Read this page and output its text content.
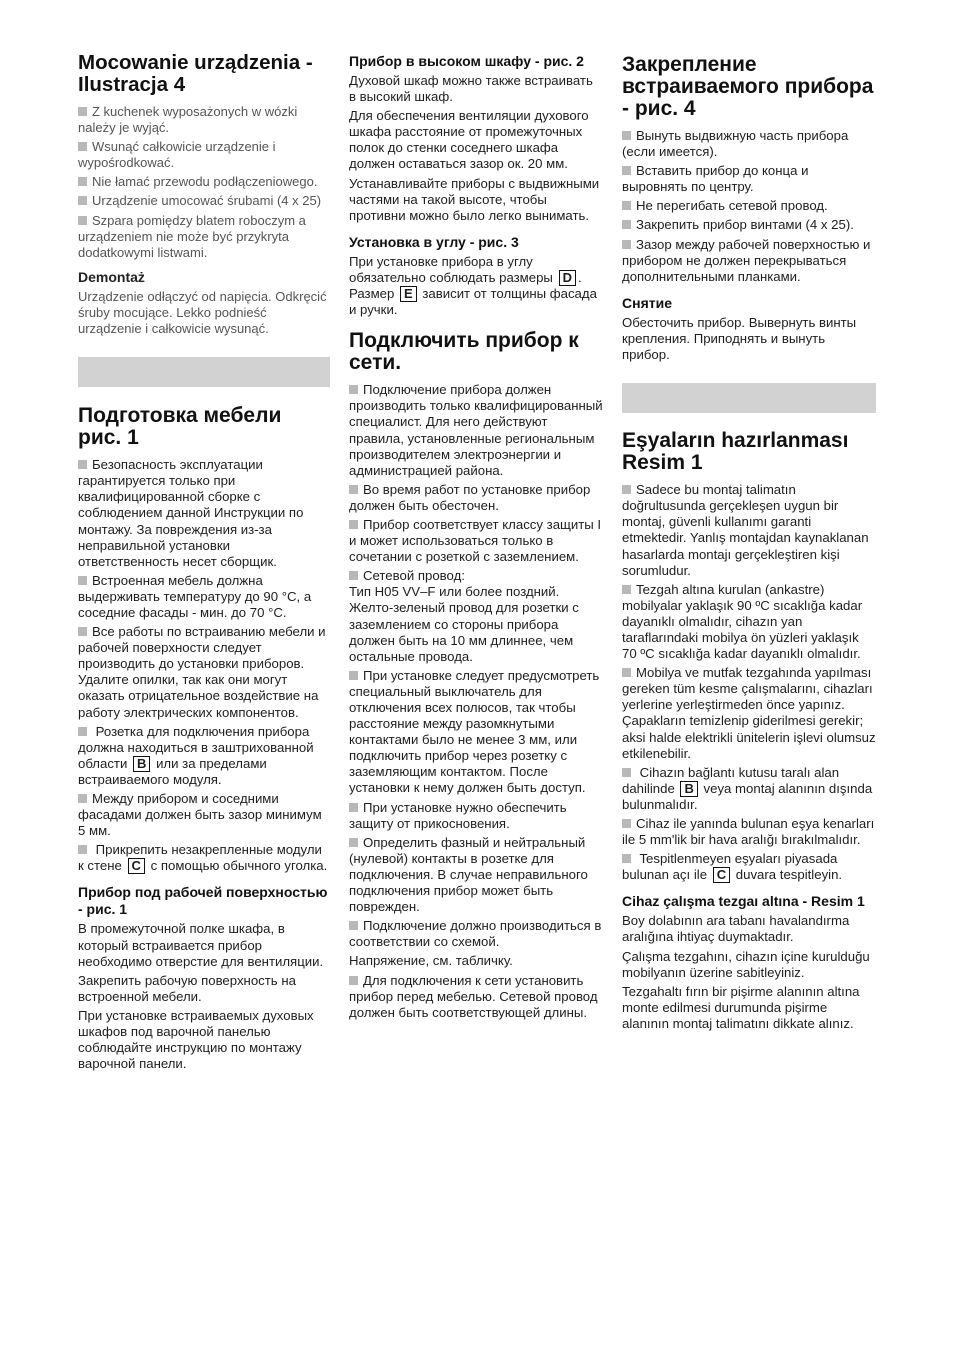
Mocowanie urządzenia - Ilustracja 4

Z kuchenek wyposażonych w wózki należy je wyjąć.

Wsunąć całkowicie urządzenie i wypośrodkować.

Nie łamać przewodu podłączeniowego.

Urządzenie umocować śrubami (4 x 25)

Szpara pomiędzy blatem roboczym a urządzeniem nie może być przykryta dodatkowymi listwami.

Demontaż

Urządzenie odłączyć od napięcia. Odkręcić śruby mocujące. Lekko podnieść urządzenie i całkowicie wysunąć.

Подготовка мебели рис. 1

Безопасность эксплуатации гарантируется только при квалифицированной сборке с соблюдением данной Инструкции по монтажу. За повреждения из-за неправильной установки ответственность несет сборщик.

Встроенная мебель должна выдерживать температуру до 90 °C, а соседние фасады - мин. до 70 °C.

Все работы по встраиванию мебели и рабочей поверхности следует производить до установки приборов. Удалите опилки, так как они могут оказать отрицательное воздействие на работу электрических компонентов.

Розетка для подключения прибора должна находиться в заштрихованной области B или за пределами встраиваемого модуля.

Между прибором и соседними фасадами должен быть зазор минимум 5 мм.

Прикрепить незакрепленные модули к стене C с помощью обычного уголка.

Прибор под рабочей поверхностью - рис. 1

В промежуточной полке шкафа, в который встраивается прибор необходимо отверстие для вентиляции.

Закрепить рабочую поверхность на встроенной мебели.

При установке встраиваемых духовых шкафов под варочной панелью соблюдайте инструкцию по монтажу варочной панели.

Прибор в высоком шкафу - рис. 2

Духовой шкаф можно также встраивать в высокий шкаф.

Для обеспечения вентиляции духового шкафа расстояние от промежуточных полок до стенки соседнего шкафа должен оставаться зазор ок. 20 мм.

Устанавливайте приборы с выдвижными частями на такой высоте, чтобы противни можно было легко вынимать.

Установка в углу - рис. 3

При установке прибора в углу обязательно соблюдать размеры D . Размер E зависит от толщины фасада и ручки.

Подключить прибор к сети.

Подключение прибора должен производить только квалифицированный специалист. Для него действуют правила, установленные региональным производителем электроэнергии и администрацией района.

Во время работ по установке прибор должен быть обесточен.

Прибор соответствует классу защиты I и может использоваться только в сочетании с розеткой с заземлением.

Сетевой провод:

Тип H05 VV–F или более поздний. Желто-зеленый провод для розетки с заземлением со стороны прибора должен быть на 10 мм длиннее, чем остальные провода.

При установке следует предусмотреть специальный выключатель для отключения всех полюсов, так чтобы расстояние между разомкнутыми контактами было не менее 3 мм, или подключить прибор через розетку с заземляющим контактом. После установки к нему должен быть доступ.

При установке нужно обеспечить защиту от прикосновения.

Определить фазный и нейтральный (нулевой) контакты в розетке для подключения. В случае неправильного подключения прибор может быть поврежден.

Подключение должно производиться в соответствии со схемой.

Напряжение, см. табличку.

Для подключения к сети установить прибор перед мебелью. Сетевой провод должен быть соответствующей длины.

Закрепление встраиваемого прибора - рис. 4

Вынуть выдвижную часть прибора (если имеется).

Вставить прибор до конца и выровнять по центру.

Не перегибать сетевой провод.

Закрепить прибор винтами (4 x 25).

Зазор между рабочей поверхностью и прибором не должен перекрываться дополнительными планками.

Снятие

Обесточить прибор. Вывернуть винты крепления. Приподнять и вынуть прибор.

Eşyaların hazırlanması Resim 1

Sadece bu montaj talimatın doğrultusunda gerçekleşen uygun bir montaj, güvenli kullanımı garanti etmektedir. Yanlış montajdan kaynaklanan hasarlarda montajı gerçekleştiren kişi sorumludur.

Tezgah altına kurulan (ankastre) mobilyalar yaklaşık 90 ºC sıcaklığa kadar dayanıklı olmalıdır, cihazın yan taraflarındaki mobilya ön yüzleri yaklaşık 70 ºC sıcaklığa kadar dayanıklı olmalıdır.

Mobilya ve mutfak tezgahında yapılması gereken tüm kesme çalışmalarını, cihazları yerlerine yerleştirmeden önce yapınız. Çapakların temizlenip giderilmesi gerekir; aksi halde elektrikli ünitelerin işlevi olumsuz etkilenebilir.

Cihazın bağlantı kutusu taralı alan dahilinde B veya montaj alanının dışında bulunmalıdır.

Cihaz ile yanında bulunan eşya kenarları ile 5 mm'lik bir hava aralığı bırakılmalıdır.

Tespitlenmeyen eşyaları piyasada bulunan açı ile C duvara tespitleyin.

Cihaz çalışma tezgaı altına - Resim 1

Boy dolabının ara tabanı havalandırma aralığına ihtiyaç duymaktadır.

Çalışma tezgahını, cihazın içine kurulduğu mobilyanın üzerine sabitleyiniz.

Tezgahaltı fırın bir pişirme alanının altına monte edilmesi durumunda pişirme alanının montaj talimatını dikkate alınız.
